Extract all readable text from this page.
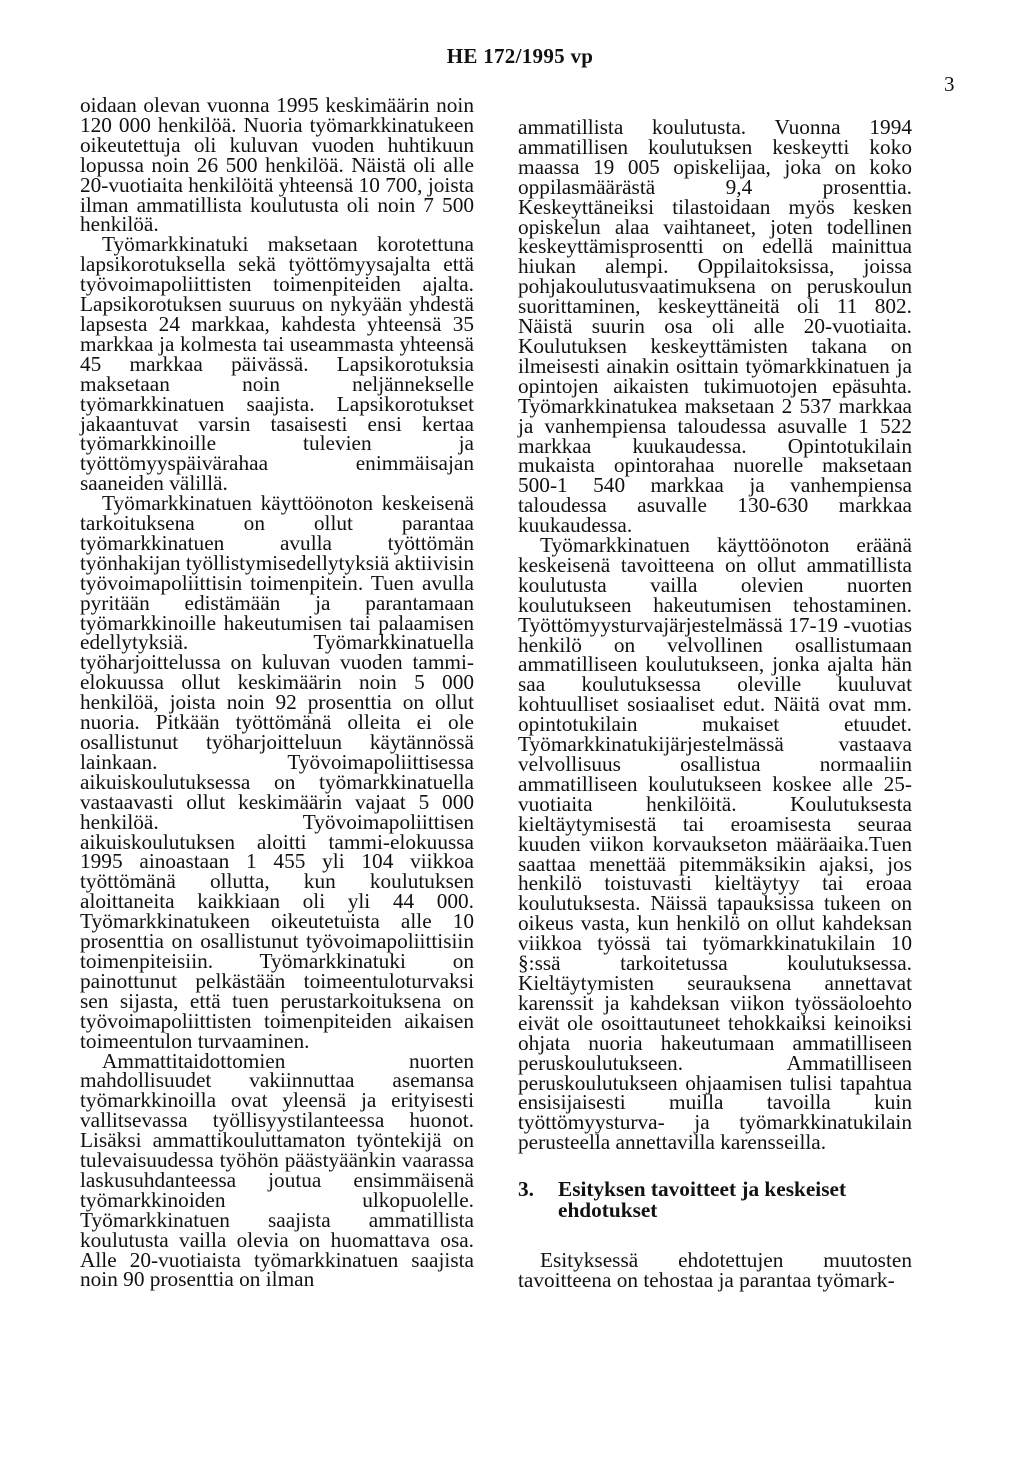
HE 172/1995 vp
3

oidaan olevan vuonna 1995 keskimäärin noin 120 000 henkilöä. Nuoria työmarkkinatukeen oikeutettuja oli kuluvan vuoden huhtikuun lopussa noin 26 500 henkilöä. Näistä oli alle 20-vuotiaita henkilöitä yhteensä 10 700, joista ilman ammatillista koulutusta oli noin 7 500 henkilöä.

Työmarkkinatuki maksetaan korotettuna lapsikorotuksella sekä työttömyysajalta että työvoimapoliittisten toimenpiteiden ajalta. Lapsikorotuksen suuruus on nykyään yhdestä lapsesta 24 markkaa, kahdesta yhteensä 35 markkaa ja kolmesta tai useammasta yhteensä 45 markkaa päivässä. Lapsikorotuksia maksetaan noin neljännekselle työmarkkinatuen saajista. Lapsikorotukset jakaantuvat varsin tasaisesti ensi kertaa työmarkkinoille tulevien ja työttömyyspäivärahaa enimmäisajan saaneiden välillä.

Työmarkkinatuen käyttöönoton keskeisenä tarkoituksena on ollut parantaa työmarkkinatuen avulla työttömän työnhakijan työllistymisedellytyksiä aktiivisin työvoimapoliittisin toimenpitein. Tuen avulla pyritään edistämään ja parantamaan työmarkkinoille hakeutumisen tai palaamisen edellytyksiä. Työmarkkinatuella työharjoittelussa on kuluvan vuoden tammi-elokuussa ollut keskimäärin noin 5 000 henkilöä, joista noin 92 prosenttia on ollut nuoria. Pitkään työttömänä olleita ei ole osallistunut työharjoitteluun käytännössä lainkaan. Työvoimapoliittisessa aikuiskoulutuksessa on työmarkkinatuella vastaavasti ollut keskimäärin vajaat 5 000 henkilöä. Työvoimapoliittisen aikuiskoulutuksen aloitti tammi-elokuussa 1995 ainoastaan 1 455 yli 104 viikkoa työttömänä ollutta, kun koulutuksen aloittaneita kaikkiaan oli yli 44 000. Työmarkkinatukeen oikeutetuista alle 10 prosenttia on osallistunut työvoimapoliittisiin toimenpiteisiin. Työmarkkinatuki on painottunut pelkästään toimeentuloturvaksi sen sijasta, että tuen perustarkoituksena on työvoimapoliittisten toimenpiteiden aikaisen toimeentulon turvaaminen.

Ammattitaidottomien nuorten mahdollisuudet vakiinnuttaa asemansa työmarkkinoilla ovat yleensä ja erityisesti vallitsevassa työllisyystilanteessa huonot. Lisäksi ammattikouluttamaton työntekijä on tulevaisuudessa työhön päästyäänkin vaarassa laskusuhdanteessa joutua ensimmäisenä työmarkkinoiden ulkopuolelle. Työmarkkinatuen saajista ammatillista koulutusta vailla olevia on huomattava osa. Alle 20-vuotiaista työmarkkinatuen saajista noin 90 prosenttia on ilman

ammatillista koulutusta. Vuonna 1994 ammatillisen koulutuksen keskeytti koko maassa 19 005 opiskelijaa, joka on koko oppilasmäärästä 9,4 prosenttia. Keskeyttäneiksi tilastoidaan myös kesken opiskelun alaa vaihtaneet, joten todellinen keskeyttämisprosentti on edellä mainittua hiukan alempi. Oppilaitoksissa, joissa pohjakoulutusvaatimuksena on peruskoulun suorittaminen, keskeyttäneitä oli 11 802. Näistä suurin osa oli alle 20-vuotiaita. Koulutuksen keskeyttämisten takana on ilmeisesti ainakin osittain työmarkkinatuen ja opintojen aikaisten tukimuotojen epäsuhta. Työmarkkinatukea maksetaan 2 537 markkaa ja vanhempiensa taloudessa asuvalle 1 522 markkaa kuukaudessa. Opintotukilain mukaista opintorahaa nuorelle maksetaan 500-1 540 markkaa ja vanhempiensa taloudessa asuvalle 130-630 markkaa kuukaudessa.

Työmarkkinatuen käyttöönoton eräänä keskeisenä tavoitteena on ollut ammatillista koulutusta vailla olevien nuorten koulutukseen hakeutumisen tehostaminen. Työttömyysturvajärjestelmässä 17-19 -vuotias henkilö on velvollinen osallistumaan ammatilliseen koulutukseen, jonka ajalta hän saa koulutuksessa oleville kuuluvat kohtuulliset sosiaaliset edut. Näitä ovat mm. opintotukilain mukaiset etuudet. Työmarkkinatukijärjestelmässä vastaava velvollisuus osallistua normaaliin ammatilliseen koulutukseen koskee alle 25-vuotiaita henkilöitä. Koulutuksesta kieltäytymisestä tai eroamisesta seuraa kuuden viikon korvaukseton määräaika.Tuen saattaa menettää pitemmäksikin ajaksi, jos henkilö toistuvasti kieltäytyy tai eroaa koulutuksesta. Näissä tapauksissa tukeen on oikeus vasta, kun henkilö on ollut kahdeksan viikkoa työssä tai työmarkkinatukilain 10 §:ssä tarkoitetussa koulutuksessa. Kieltäytymisten seurauksena annettavat karenssit ja kahdeksan viikon työssäoloehto eivät ole osoittautuneet tehokkaiksi keinoiksi ohjata nuoria hakeutumaan ammatilliseen peruskoulutukseen. Ammatilliseen peruskoulutukseen ohjaamisen tulisi tapahtua ensisijaisesti muilla tavoilla kuin työttömyysturva- ja työmarkkinatukilain perusteella annettavilla karensseilla.

3.	Esityksen tavoitteet ja keskeiset ehdotukset

Esityksessä ehdotettujen muutosten tavoitteena on tehostaa ja parantaa työmark-
